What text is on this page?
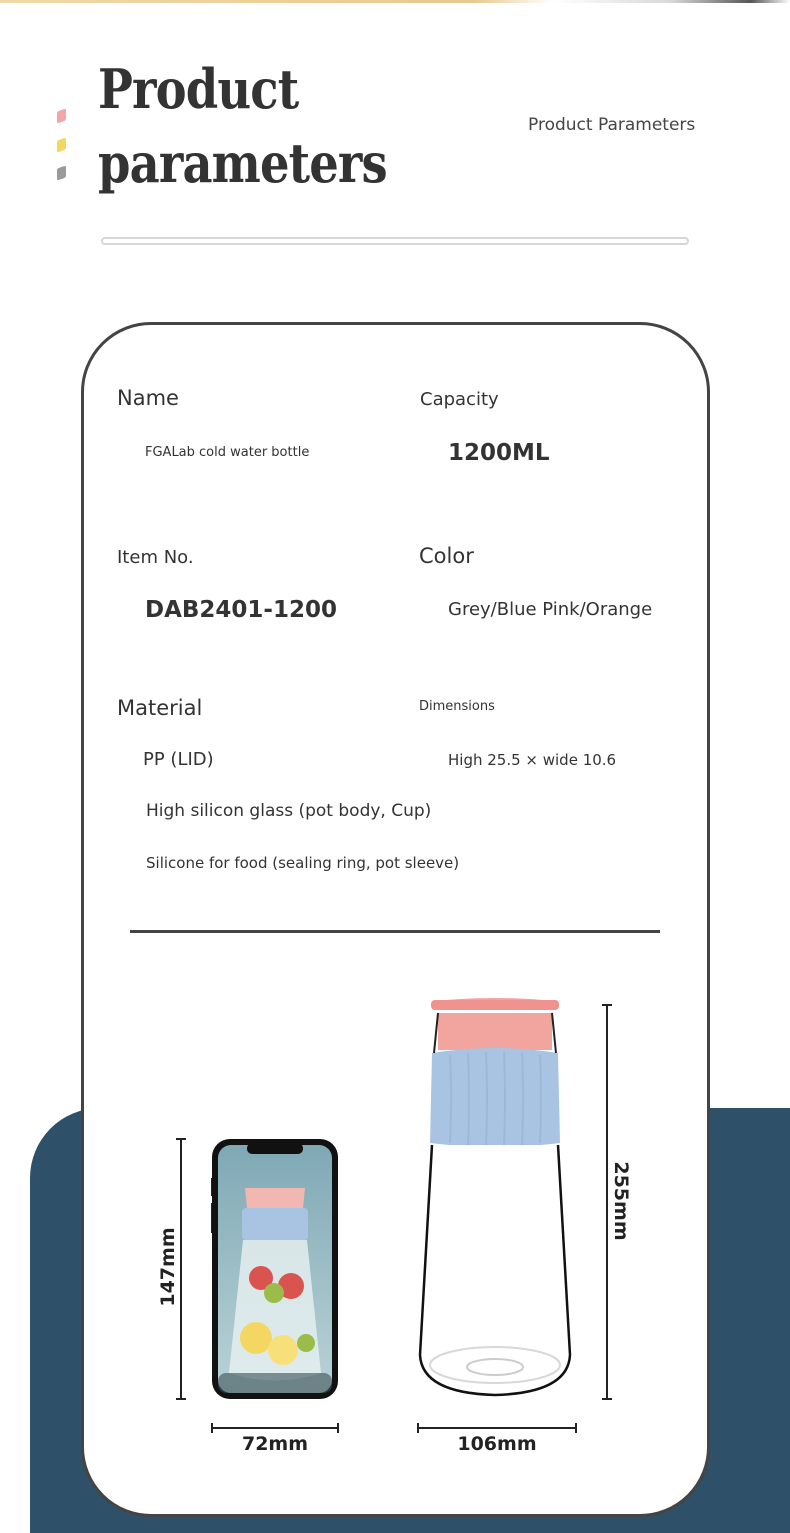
Product
parameters
Product Parameters
Name
FGALab cold water bottle
Capacity
1200ML
Item No.
DAB2401-1200
Color
Grey/Blue Pink/Orange
Material
PP (LID)
High silicon glass (pot body, Cup)
Silicone for food (sealing ring, pot sleeve)
Dimensions
High 25.5 × wide 10.6
147mm
72mm
255mm
106mm
